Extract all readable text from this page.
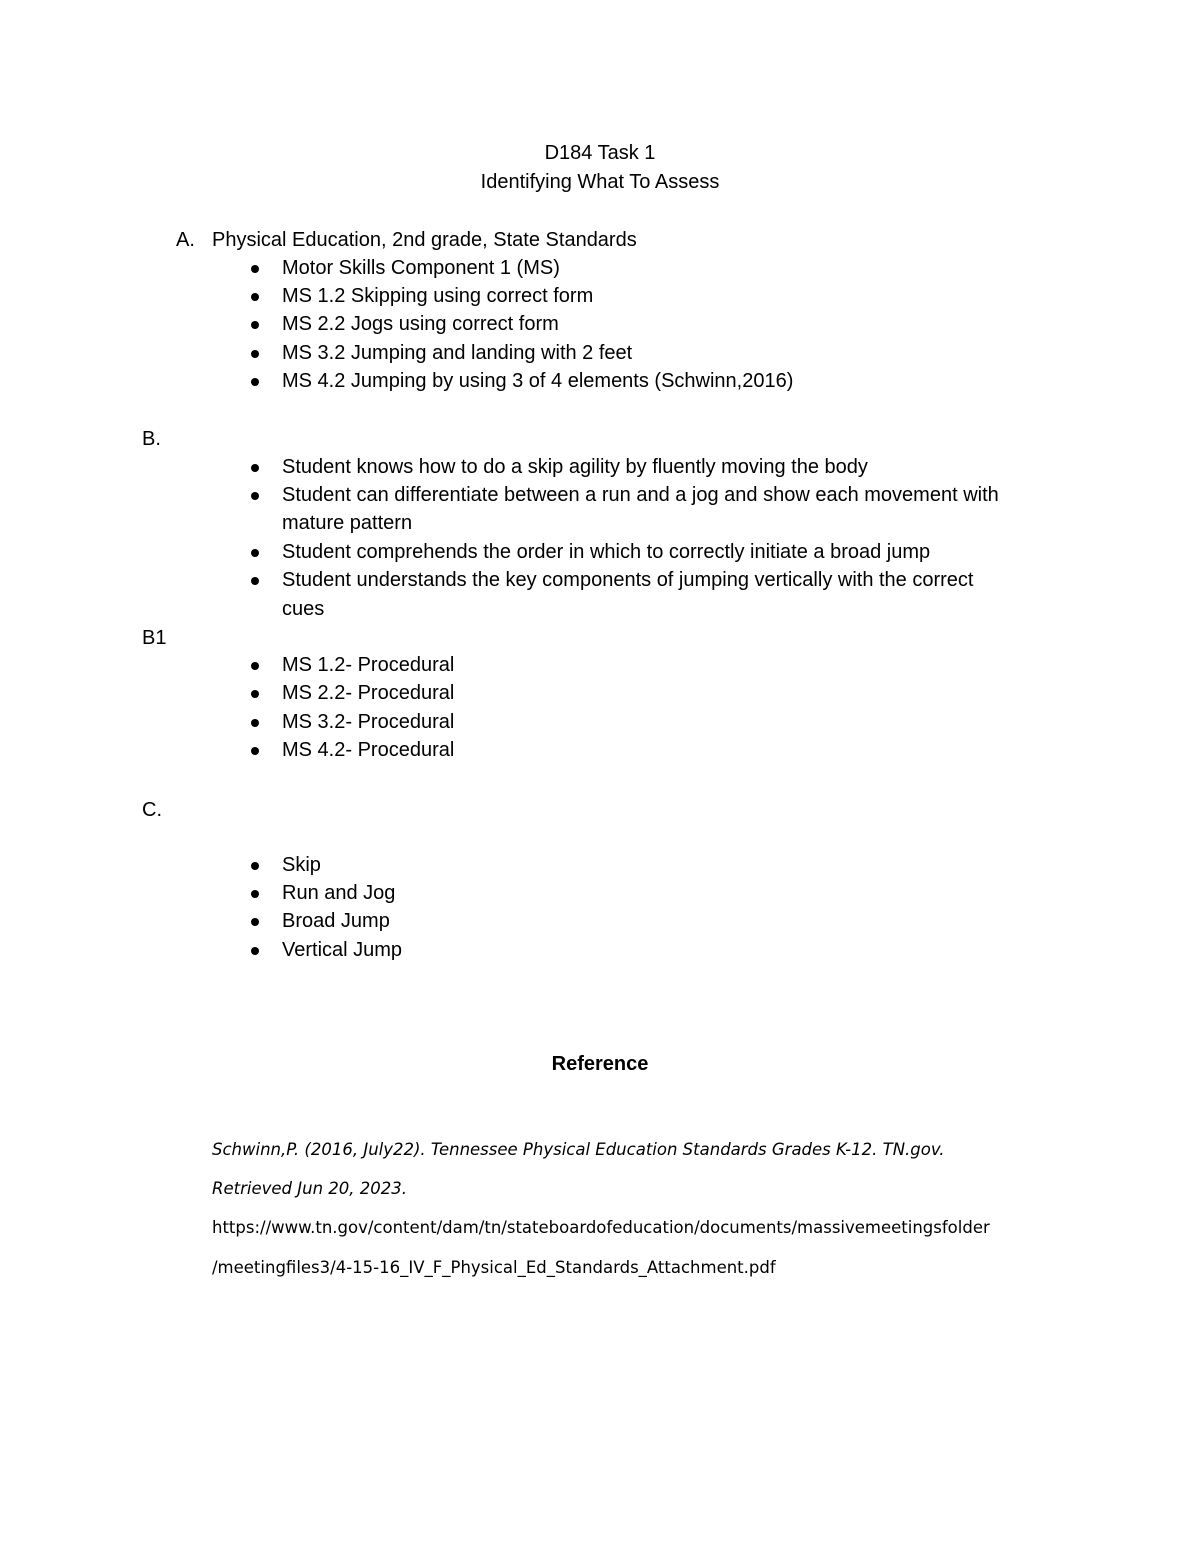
D184 Task 1
Identifying What To Assess
A. Physical Education, 2nd grade, State Standards
Motor Skills Component 1 (MS)
MS 1.2 Skipping using correct form
MS 2.2 Jogs using correct form
MS 3.2 Jumping and landing with 2 feet
MS 4.2 Jumping by using 3 of 4 elements (Schwinn,2016)
B.
Student knows how to do a skip agility by fluently moving the body
Student can differentiate between a run and a jog and show each movement with
mature pattern
Student comprehends the order in which to correctly initiate a broad jump
Student understands the key components of jumping vertically with the correct
cues
B1
MS 1.2- Procedural
MS 2.2- Procedural
MS 3.2- Procedural
MS 4.2- Procedural
C.
Skip
Run and Jog
Broad Jump
Vertical Jump
Reference
Schwinn,P. (2016, July22). Tennessee Physical Education Standards Grades K-12. TN.gov.
Retrieved Jun 20, 2023.
https://www.tn.gov/content/dam/tn/stateboardofeducation/documents/massivemeetingsfolder
/meetingfiles3/4-15-16_IV_F_Physical_Ed_Standards_Attachment.pdf
